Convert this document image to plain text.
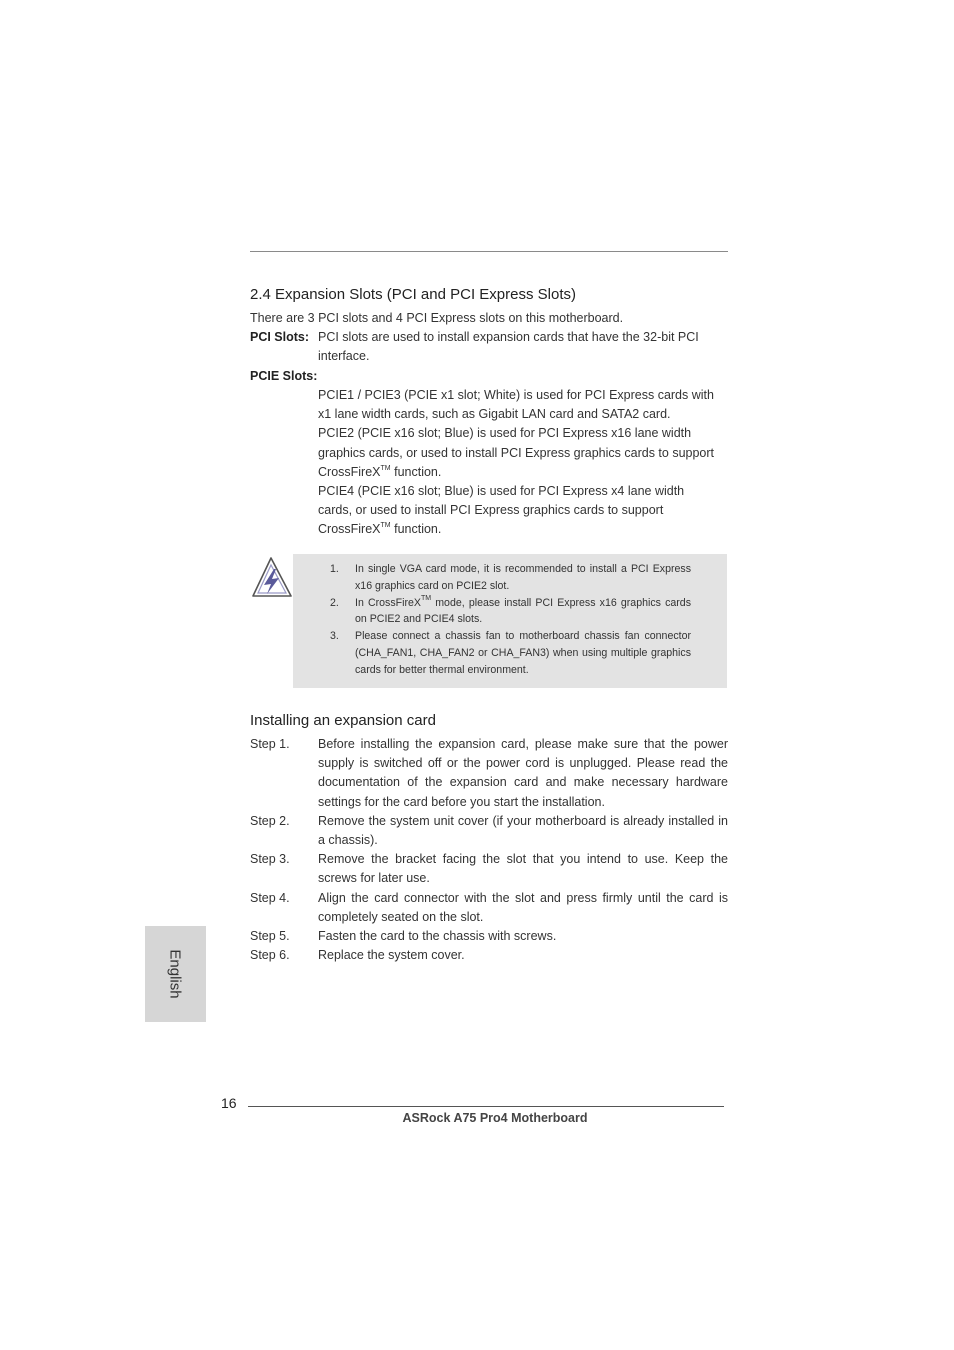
2.4 Expansion Slots (PCI and PCI Express Slots)
There are 3 PCI slots and 4 PCI Express slots on this motherboard.
PCI Slots: PCI slots are used to install expansion cards that have the 32-bit PCI
interface.
PCIE Slots:
PCIE1 / PCIE3 (PCIE x1 slot; White) is used for PCI Express cards with
x1 lane width cards, such as Gigabit LAN card and SATA2 card.
PCIE2 (PCIE x16 slot; Blue) is used for PCI Express x16 lane width
graphics cards, or used to install PCI Express graphics cards to support
CrossFireX™ function.
PCIE4 (PCIE x16 slot; Blue) is used for PCI Express x4 lane width
cards, or used to install PCI Express graphics cards to support
CrossFireX™ function.
1. In single VGA card mode, it is recommended to install a PCI Express x16 graphics card on PCIE2 slot.
2. In CrossFireX™ mode, please install PCI Express x16 graphics cards on PCIE2 and PCIE4 slots.
3. Please connect a chassis fan to motherboard chassis fan connector (CHA_FAN1, CHA_FAN2 or CHA_FAN3) when using multiple graphics cards for better thermal environment.
Installing an expansion card
Step 1. Before installing the expansion card, please make sure that the power supply is switched off or the power cord is unplugged. Please read the documentation of the expansion card and make necessary hardware settings for the card before you start the installation.
Step 2. Remove the system unit cover (if your motherboard is already installed in a chassis).
Step 3. Remove the bracket facing the slot that you intend to use. Keep the screws for later use.
Step 4. Align the card connector with the slot and press firmly until the card is completely seated on the slot.
Step 5. Fasten the card to the chassis with screws.
Step 6. Replace the system cover.
English
16
ASRock A75 Pro4 Motherboard
